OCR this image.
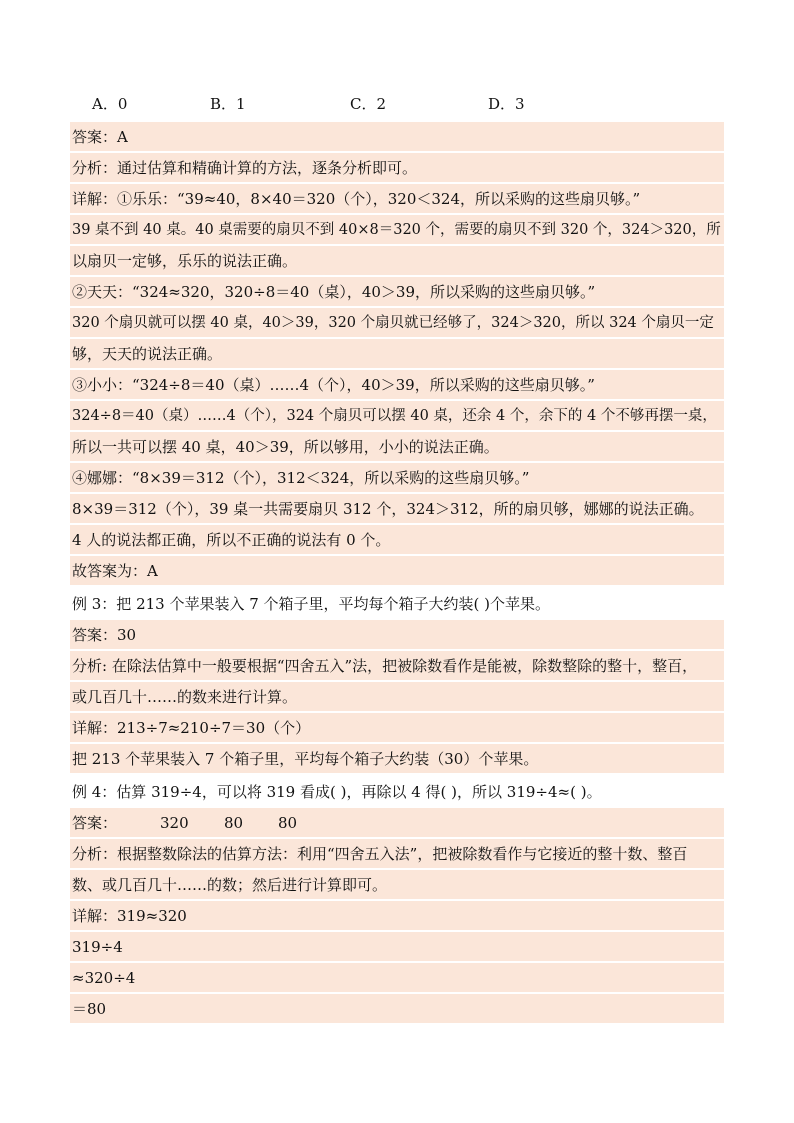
A．0	B．1	C．2	D．3
答案：A
分析：通过估算和精确计算的方法，逐条分析即可。
详解：①乐乐：“39≈40，8×40＝320（个），320＜324，所以采购的这些扇贝够。”
39 桌不到 40 桌。40 桌需要的扇贝不到 40×8＝320 个，需要的扇贝不到 320 个，324＞320，所
以扇贝一定够，乐乐的说法正确。
②天天：“324≈320，320÷8＝40（桌），40＞39，所以采购的这些扇贝够。”
320 个扇贝就可以摆 40 桌，40＞39，320 个扇贝就已经够了，324＞320，所以 324 个扇贝一定
够，天天的说法正确。
③小小：“324÷8＝40（桌）……4（个），40＞39，所以采购的这些扇贝够。”
324÷8＝40（桌）……4（个），324 个扇贝可以摆 40 桌，还余 4 个，余下的 4 个不够再摆一桌，
所以一共可以摆 40 桌，40＞39，所以够用，小小的说法正确。
④娜娜：“8×39＝312（个），312＜324，所以采购的这些扇贝够。”
8×39＝312（个），39 桌一共需要扇贝 312 个，324＞312，所的扇贝够，娜娜的说法正确。
4 人的说法都正确，所以不正确的说法有 0 个。
故答案为：A
例 3：把 213 个苹果装入 7 个箱子里，平均每个箱子大约装( )个苹果。
答案：30
分析: 在除法估算中一般要根据“四舍五入”法，把被除数看作是能被，除数整除的整十，整百，
或几百几十……的数来进行计算。
详解：213÷7≈210÷7＝30（个）
把 213 个苹果装入 7 个箱子里，平均每个箱子大约装（30）个苹果。
例 4：估算 319÷4，可以将 319 看成( )，再除以 4 得( )，所以 319÷4≈( )。
答案：	320 80 80
分析：根据整数除法的估算方法：利用“四舍五入法”，把被除数看作与它接近的整十数、整百
数、或几百几十……的数；然后进行计算即可。
详解：319≈320
319÷4
≈320÷4
＝80
